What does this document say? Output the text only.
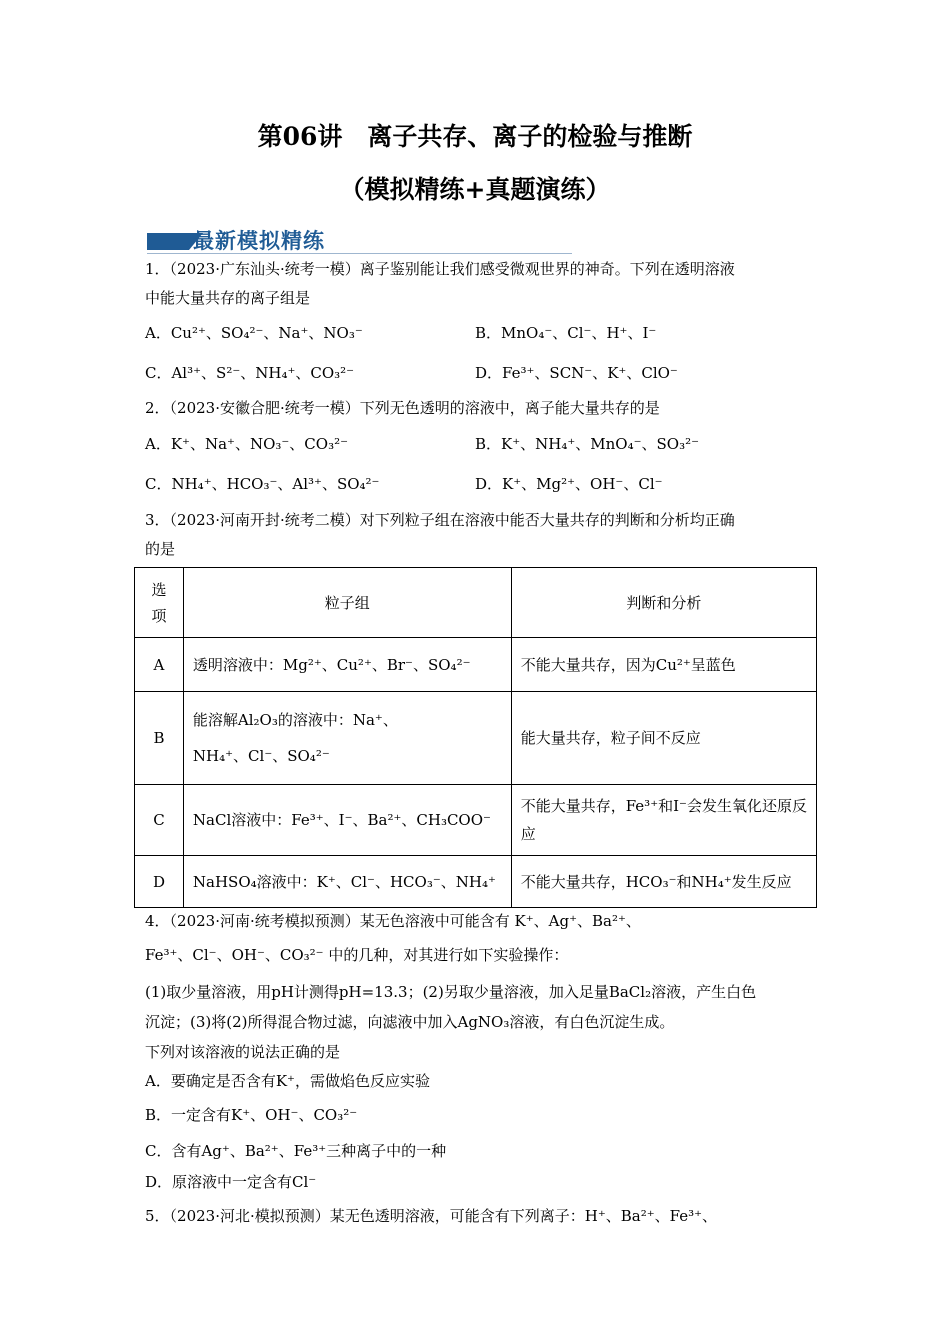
第06讲　离子共存、离子的检验与推断
（模拟精练+真题演练）
最新模拟精练
1．（2023·广东汕头·统考一模）离子鉴别能让我们感受微观世界的神奇。下列在透明溶液
中能大量共存的离子组是
A．Cu²⁺、SO₄²⁻、Na⁺、NO₃⁻	B．MnO₄⁻、Cl⁻、H⁺、I⁻
C．Al³⁺、S²⁻、NH₄⁺、CO₃²⁻	D．Fe³⁺、SCN⁻、K⁺、ClO⁻
2．（2023·安徽合肥·统考一模）下列无色透明的溶液中，离子能大量共存的是
A．K⁺、Na⁺、NO₃⁻、CO₃²⁻	B．K⁺、NH₄⁺、MnO₄⁻、SO₃²⁻
C．NH₄⁺、HCO₃⁻、Al³⁺、SO₄²⁻	D．K⁺、Mg²⁺、OH⁻、Cl⁻
3．（2023·河南开封·统考二模）对下列粒子组在溶液中能否大量共存的判断和分析均正确
的是
选项	粒子组	判断和分析
A	透明溶液中：Mg²⁺、Cu²⁺、Br⁻、SO₄²⁻	不能大量共存，因为Cu²⁺呈蓝色
B	能溶解Al₂O₃的溶液中：Na⁺、NH₄⁺、Cl⁻、SO₄²⁻	能大量共存，粒子间不反应
C	NaCl溶液中：Fe³⁺、I⁻、Ba²⁺、CH₃COO⁻	不能大量共存，Fe³⁺和I⁻会发生氧化还原反应

D	NaHSO₄溶液中：K⁺、Cl⁻、HCO₃⁻、NH₄⁺	不能大量共存，HCO₃⁻和NH₄⁺发生反应
4．（2023·河南·统考模拟预测）某无色溶液中可能含有 K⁺、Ag⁺、Ba²⁺、
Fe³⁺、Cl⁻、OH⁻、CO₃²⁻ 中的几种，对其进行如下实验操作：
(1)取少量溶液，用pH计测得pH=13.3；(2)另取少量溶液，加入足量BaCl₂溶液，产生白色
沉淀；(3)将(2)所得混合物过滤，向滤液中加入AgNO₃溶液，有白色沉淀生成。
下列对该溶液的说法正确的是
A．要确定是否含有K⁺，需做焰色反应实验
B．一定含有K⁺、OH⁻、CO₃²⁻
C．含有Ag⁺、Ba²⁺、Fe³⁺三种离子中的一种
D．原溶液中一定含有Cl⁻
5．（2023·河北·模拟预测）某无色透明溶液，可能含有下列离子：H⁺、Ba²⁺、Fe³⁺、
